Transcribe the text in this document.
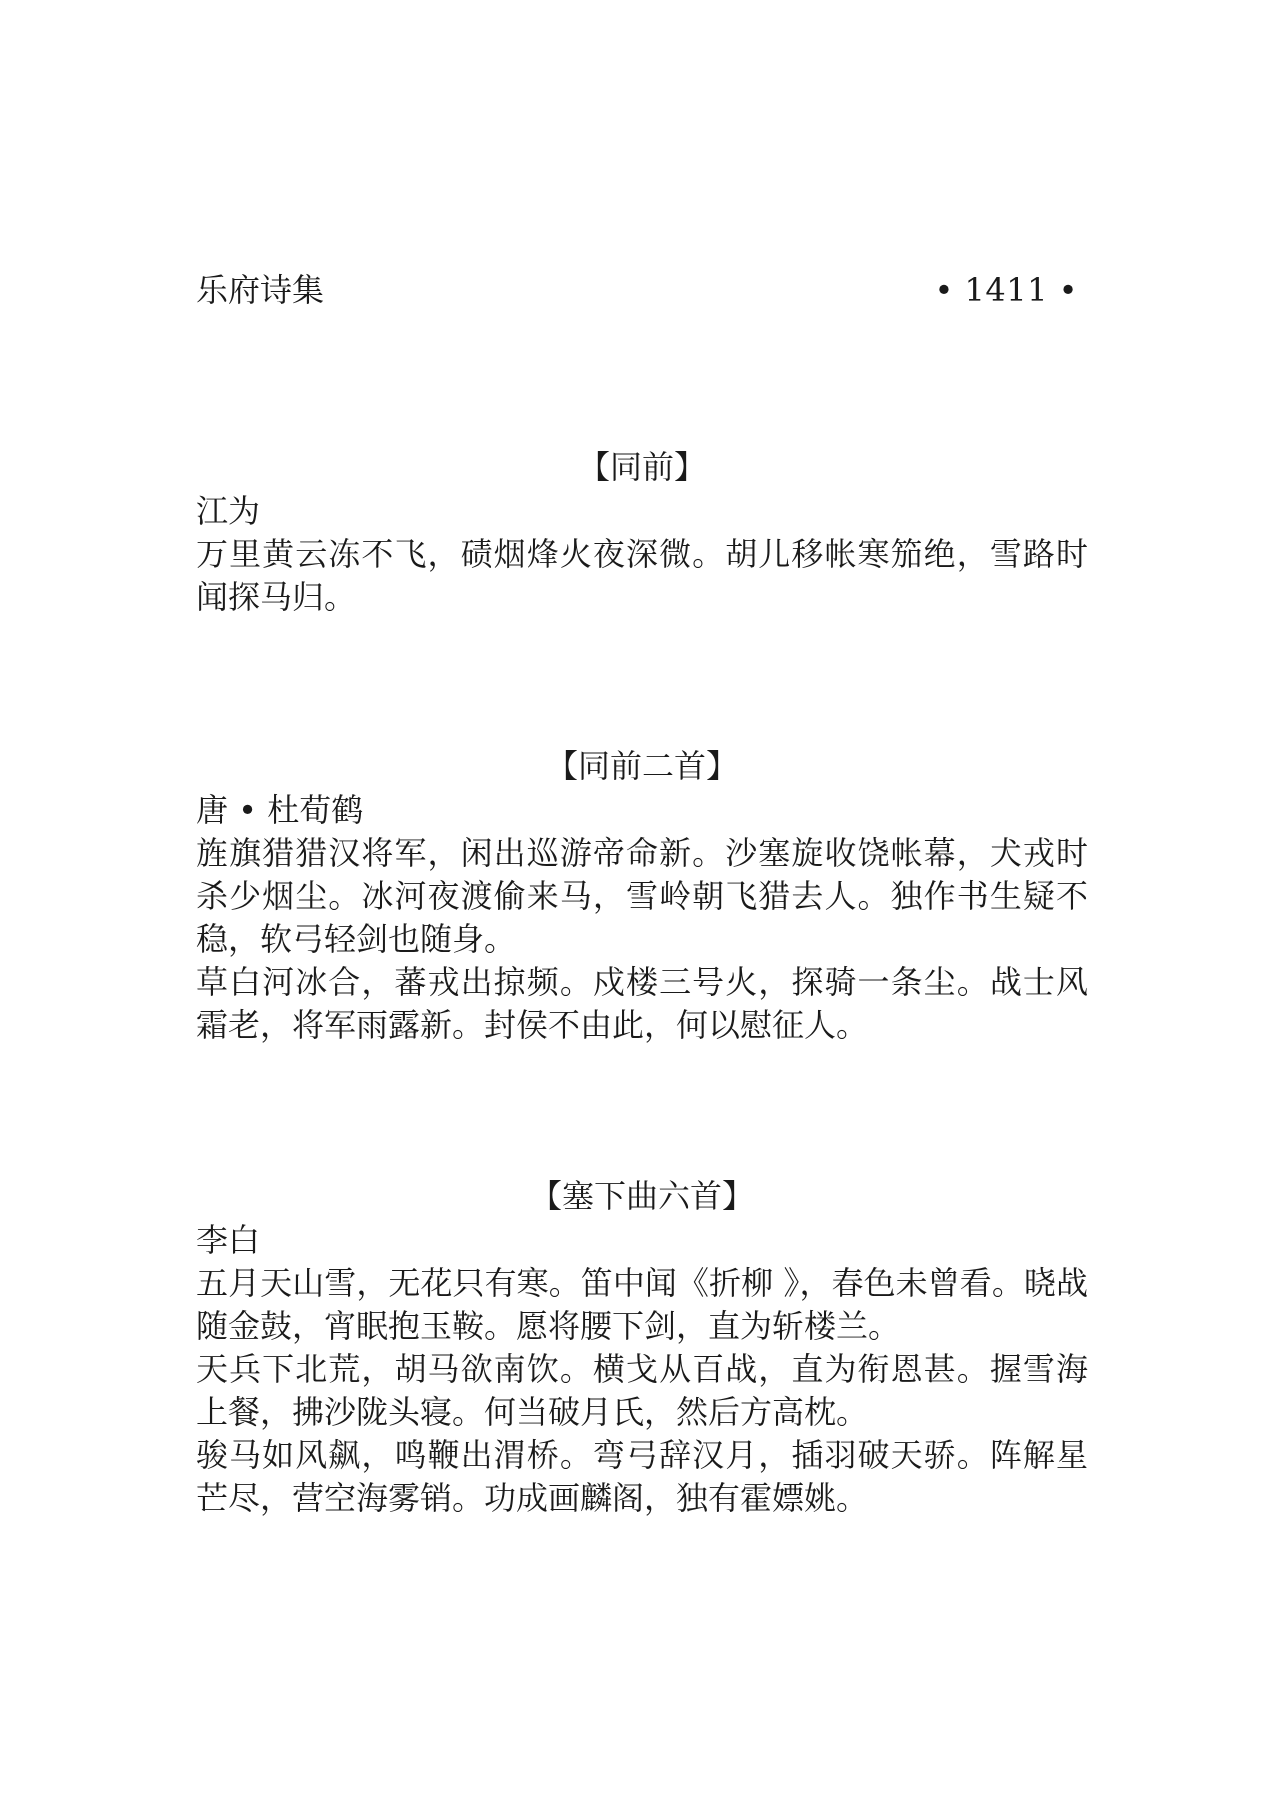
乐府诗集	• 1411 •
【同前】
江为

万里黄云冻不飞，碛烟烽火夜深微。胡儿移帐寒笳绝，雪路时闻探马归。

【同前二首】
唐 • 杜荀鹤

旌旗猎猎汉将军，闲出巡游帝命新。沙塞旋收饶帐幕，犬戎时杀少烟尘。冰河夜渡偷来马，雪岭朝飞猎去人。独作书生疑不稳，软弓轻剑也随身。

草白河冰合，蕃戎出掠频。戍楼三号火，探骑一条尘。战士风霜老，将军雨露新。封侯不由此，何以慰征人。

【塞下曲六首】
李白

五月天山雪，无花只有寒。笛中闻《折柳 》，春色未曾看。晓战随金鼓，宵眠抱玉鞍。愿将腰下剑，直为斩楼兰。

天兵下北荒，胡马欲南饮。横戈从百战，直为衔恩甚。握雪海上餐，拂沙陇头寝。何当破月氏，然后方高枕。

骏马如风飙，鸣鞭出渭桥。弯弓辞汉月，插羽破天骄。阵解星芒尽，营空海雾销。功成画麟阁，独有霍嫖姚。
